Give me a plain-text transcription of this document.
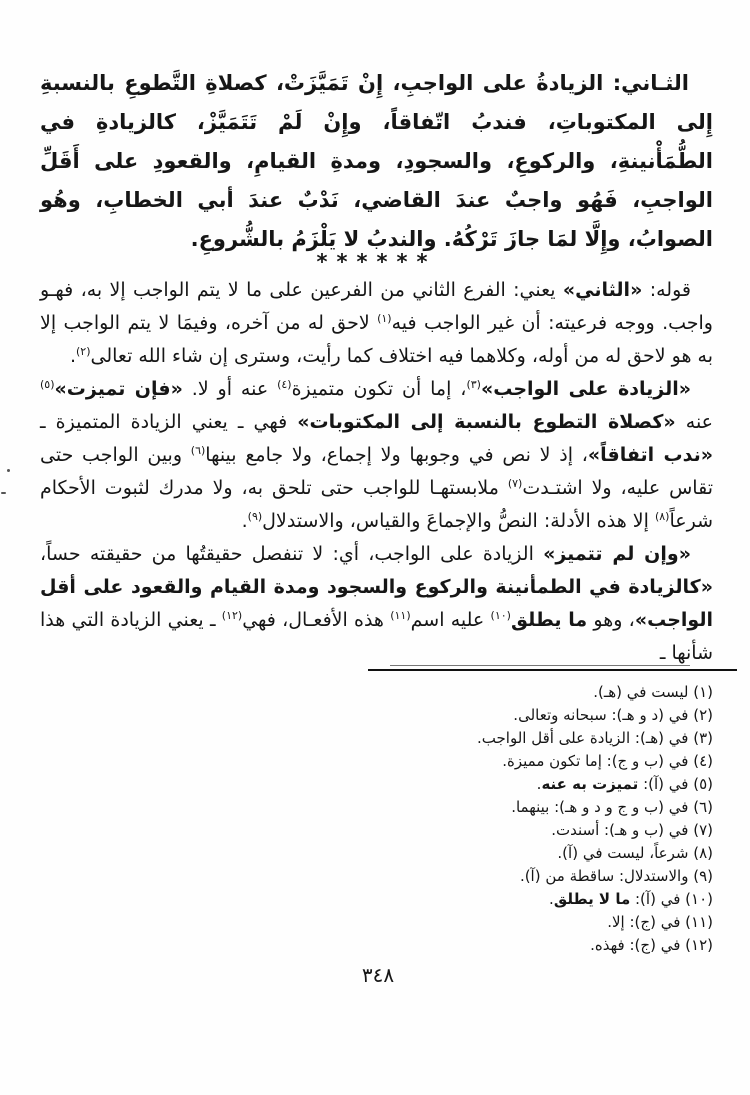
الثـاني: الزيادةُ على الواجبِ، إِنْ تَمَيَّزَتْ، كصلاةِ التَّطوعِ بالنسبةِ إِلى المكتوباتِ، فندبُ اتّفاقاً، وإِنْ لَمْ تَتَمَيَّزْ، كالزيادةِ في الطُّمَأْنينةِ، والركوعِ، والسجودِ، ومدةِ القيامِ، والقعودِ على أَقَلِّ الواجبِ، فَهُو واجبٌ عندَ القاضي، نَدْبٌ عندَ أبي الخطابِ، وهُو الصوابُ، وإِلَّا لمَا جازَ تَرْكُهُ. والندبُ لا يَلْزَمُ بالشُّروعِ.

******

قوله: «الثاني» يعني: الفرع الثاني من الفرعين على ما لا يتم الواجب إلا به، فهـو واجب. ووجه فرعيته: أن غير الواجب فيه$^{(١)}$ لاحق له من آخره، وفيمَا لا يتم الواجب إلا به هو لاحق له من أوله، وكلاهما فيه اختلاف كما رأيت، وسترى إن شاء الله تعالى$^{(٢)}$.

«الزيادة على الواجب»$^{(٣)}$، إما أن تكون متميزة$^{(٤)}$ عنه أو لا. «فإن تميزت»$^{(٥)}$ عنه «كصلاة التطوع بالنسبة إلى المكتوبات» فهي ـ يعني الزيادة المتميزة ـ «ندب اتفاقاً»، إذ لا نص في وجوبها ولا إجماع، ولا جامع بينها$^{(٦)}$ وبين الواجب حتى تقاس عليه، ولا اشتـدت$^{(٧)}$ ملابستهـا للواجب حتى تلحق به، ولا مدرك لثبوت الأحكام شرعاً$^{(٨)}$ إلا هذه الأدلة: النصُّ والإجماعَ والقياس، والاستدلال$^{(٩)}$.

«وإن لم تتميز» الزيادة على الواجب، أي: لا تنفصل حقيقتُها من حقيقته حساً، «كالزيادة في الطمأنينة والركوع والسجود ومدة القيام والقعود على أقل الواجب»، وهو ما يطلق$^{(١٠)}$ عليه اسم$^{(١١)}$ هذه الأفعـال، فهي$^{(١٢)}$ ـ يعني الزيادة التي هذا شأنها ـ

(١) ليست في (هـ).
(٢) في (د و هـ): سبحانه وتعالى.
(٣) في (هـ): الزيادة على أقل الواجب.
(٤) في (ب و ج): إما تكون مميزة.
(٥) في (آ): تميزت به عنه.
(٦) في (ب و ج و د و هـ): بينهما.
(٧) في (ب و هـ): أسندت.
(٨) شرعاً، ليست في (آ).
(٩) والاستدلال: ساقطة من (آ).
(١٠) في (آ): ما لا يطلق.
(١١) في (ج): إلا.
(١٢) في (ج): فهذه.
٣٤٨
